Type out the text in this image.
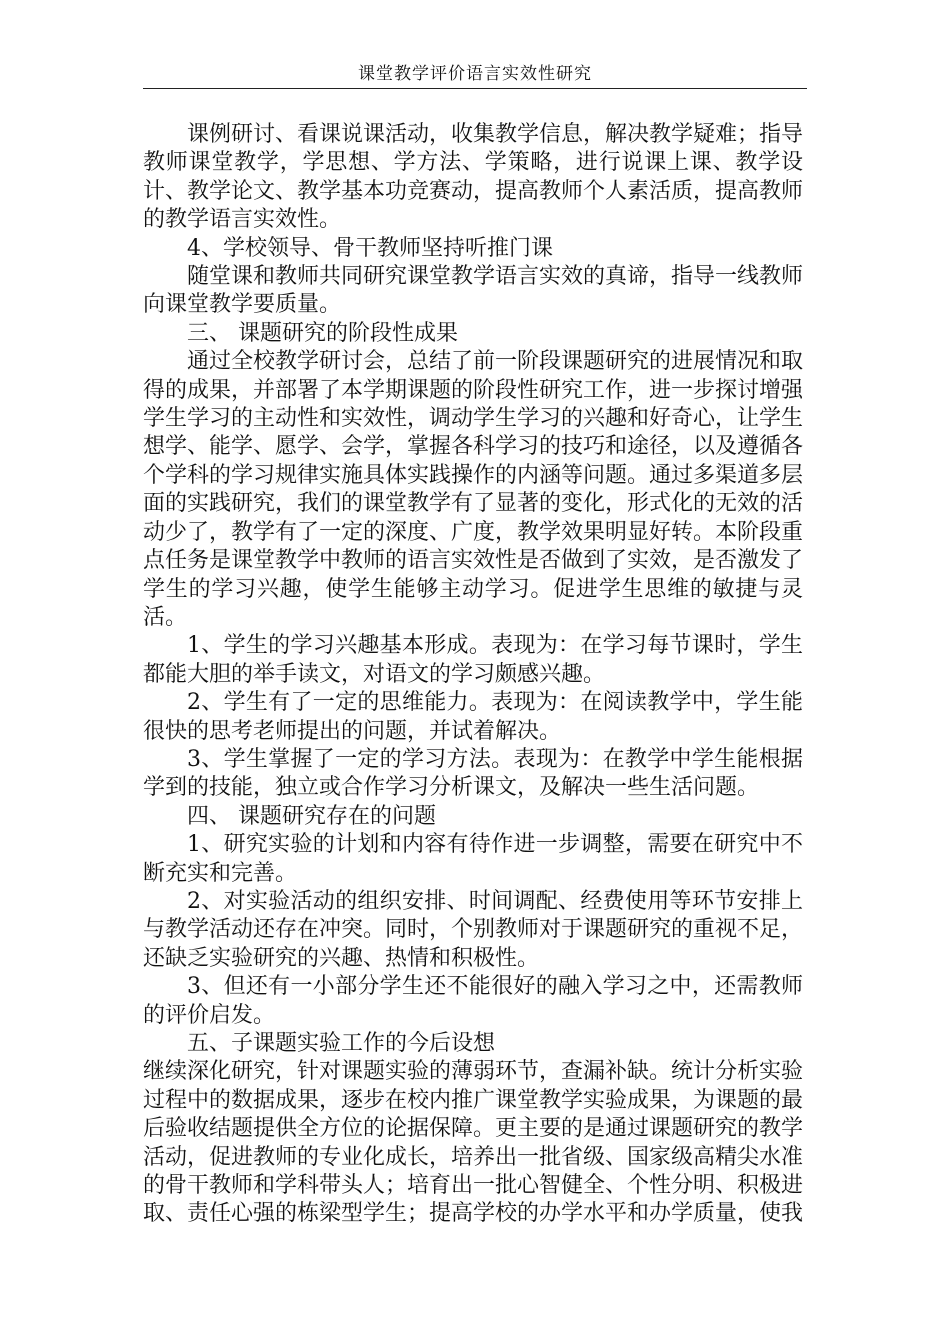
课堂教学评价语言实效性研究

课例研讨、看课说课活动，收集教学信息，解决教学疑难；指导教师课堂教学，学思想、学方法、学策略，进行说课上课、教学设计、教学论文、教学基本功竞赛动，提高教师个人素活质，提高教师的教学语言实效性。

4、学校领导、骨干教师坚持听推门课

随堂课和教师共同研究课堂教学语言实效的真谛，指导一线教师向课堂教学要质量。

三、 课题研究的阶段性成果

通过全校教学研讨会，总结了前一阶段课题研究的进展情况和取得的成果，并部署了本学期课题的阶段性研究工作，进一步探讨增强学生学习的主动性和实效性，调动学生学习的兴趣和好奇心，让学生想学、能学、愿学、会学，掌握各科学习的技巧和途径，以及遵循各个学科的学习规律实施具体实践操作的内涵等问题。通过多渠道多层面的实践研究，我们的课堂教学有了显著的变化，形式化的无效的活动少了，教学有了一定的深度、广度，教学效果明显好转。本阶段重点任务是课堂教学中教师的语言实效性是否做到了实效，是否激发了学生的学习兴趣，使学生能够主动学习。促进学生思维的敏捷与灵活。

1、学生的学习兴趣基本形成。表现为：在学习每节课时，学生都能大胆的举手读文，对语文的学习颇感兴趣。

2、学生有了一定的思维能力。表现为：在阅读教学中，学生能很快的思考老师提出的问题，并试着解决。

3、学生掌握了一定的学习方法。表现为：在教学中学生能根据学到的技能，独立或合作学习分析课文，及解决一些生活问题。

四、 课题研究存在的问题

1、研究实验的计划和内容有待作进一步调整，需要在研究中不断充实和完善。

2、对实验活动的组织安排、时间调配、经费使用等环节安排上与教学活动还存在冲突。同时，个别教师对于课题研究的重视不足，还缺乏实验研究的兴趣、热情和积极性。

3、但还有一小部分学生还不能很好的融入学习之中，还需教师的评价启发。

五、子课题实验工作的今后设想

继续深化研究，针对课题实验的薄弱环节，查漏补缺。统计分析实验过程中的数据成果，逐步在校内推广课堂教学实验成果，为课题的最后验收结题提供全方位的论据保障。更主要的是通过课题研究的教学活动，促进教师的专业化成长，培养出一批省级、国家级高精尖水准的骨干教师和学科带头人；培育出一批心智健全、个性分明、积极进取、责任心强的栋梁型学生；提高学校的办学水平和办学质量，使我
